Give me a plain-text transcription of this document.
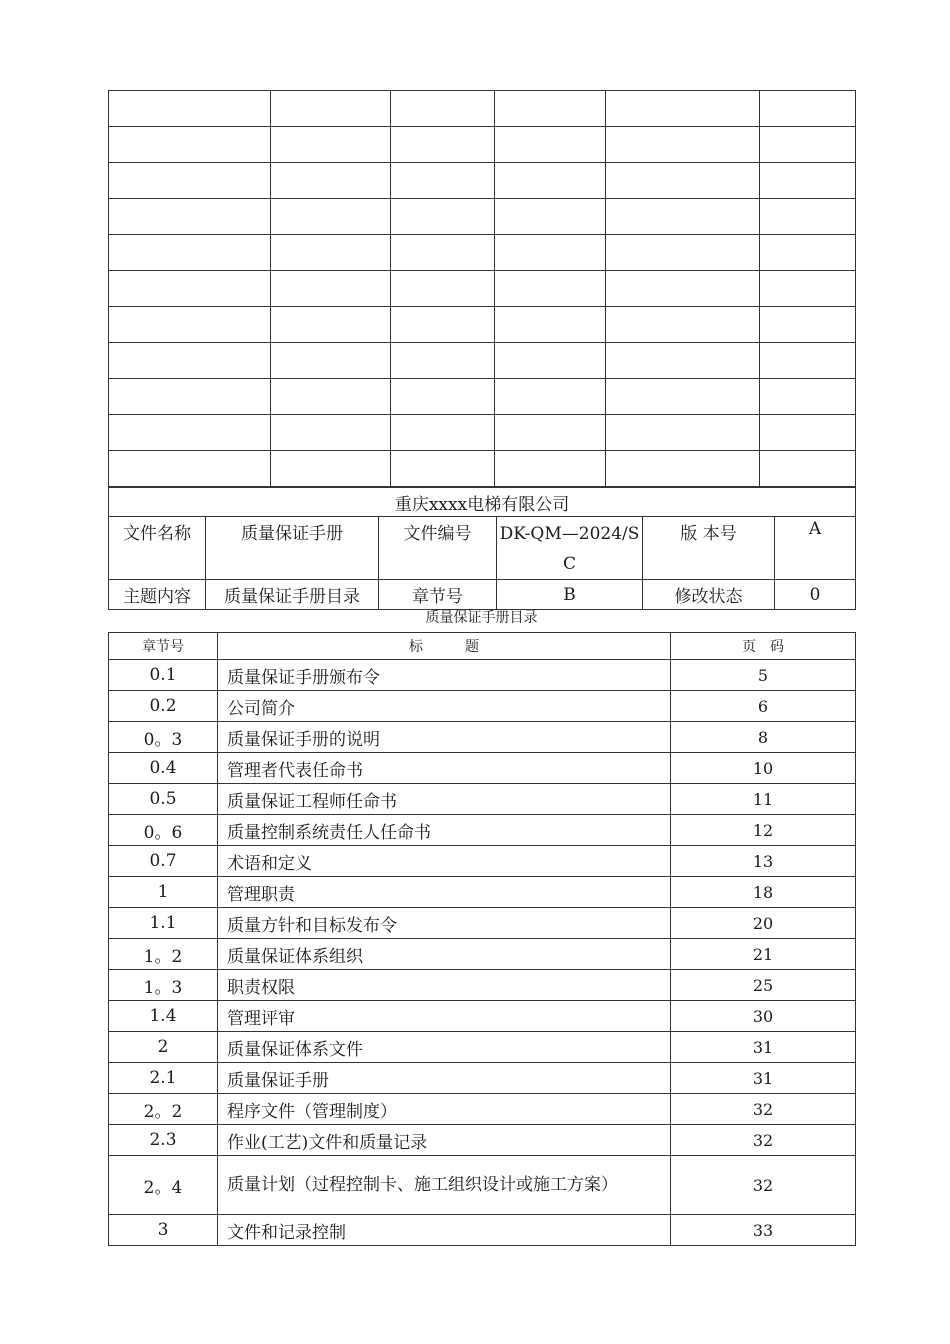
重庆xxxx电梯有限公司					
文件名称	质量保证手册	文件编号	DK-QM—2024/SC	版 本号	A
主题内容	质量保证手册目录	章节号	B	修改状态	0
质量保证手册目录
章节号	标　　　题	页　码
0.1	质量保证手册颁布令	5
0.2	公司简介	6
0。3	质量保证手册的说明	8
0.4	管理者代表任命书	10
0.5	质量保证工程师任命书	11
0。6	质量控制系统责任人任命书	12
0.7	术语和定义	13
1	管理职责	18
1.1	质量方针和目标发布令	20
1。2	质量保证体系组织	21
1。3	职责权限	25
1.4	管理评审	30
2	质量保证体系文件	31
2.1	质量保证手册	31
2。2	程序文件（管理制度）	32
2.3	作业(工艺)文件和质量记录	32
2。4	质量计划（过程控制卡、施工组织设计或施工方案）	32
3	文件和记录控制	33
